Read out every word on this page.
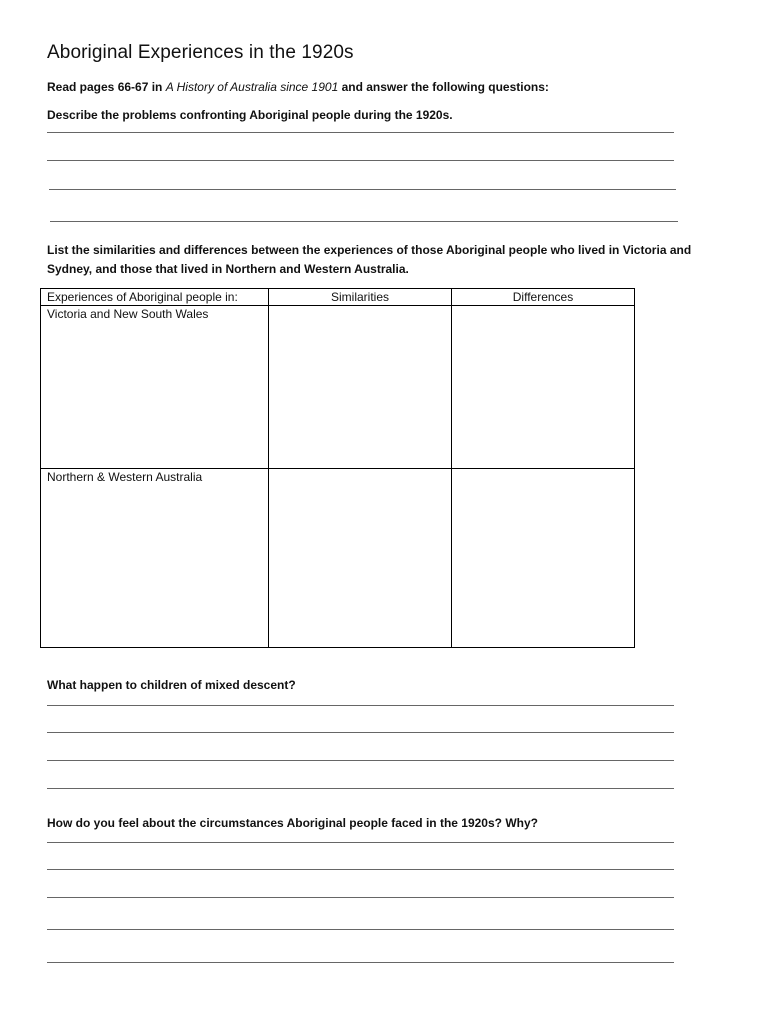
Aboriginal Experiences in the 1920s

Read pages 66-67 in A History of Australia since 1901 and answer the following questions:

Describe the problems confronting Aboriginal people during the 1920s.

List the similarities and differences between the experiences of those Aboriginal people who lived in Victoria and
Sydney, and those that lived in Northern and Western Australia.

Experiences of Aboriginal people in:	Similarities	Differences
Victoria and New South Wales		
Northern & Western Australia		

What happen to children of mixed descent?

How do you feel about the circumstances Aboriginal people faced in the 1920s? Why?
